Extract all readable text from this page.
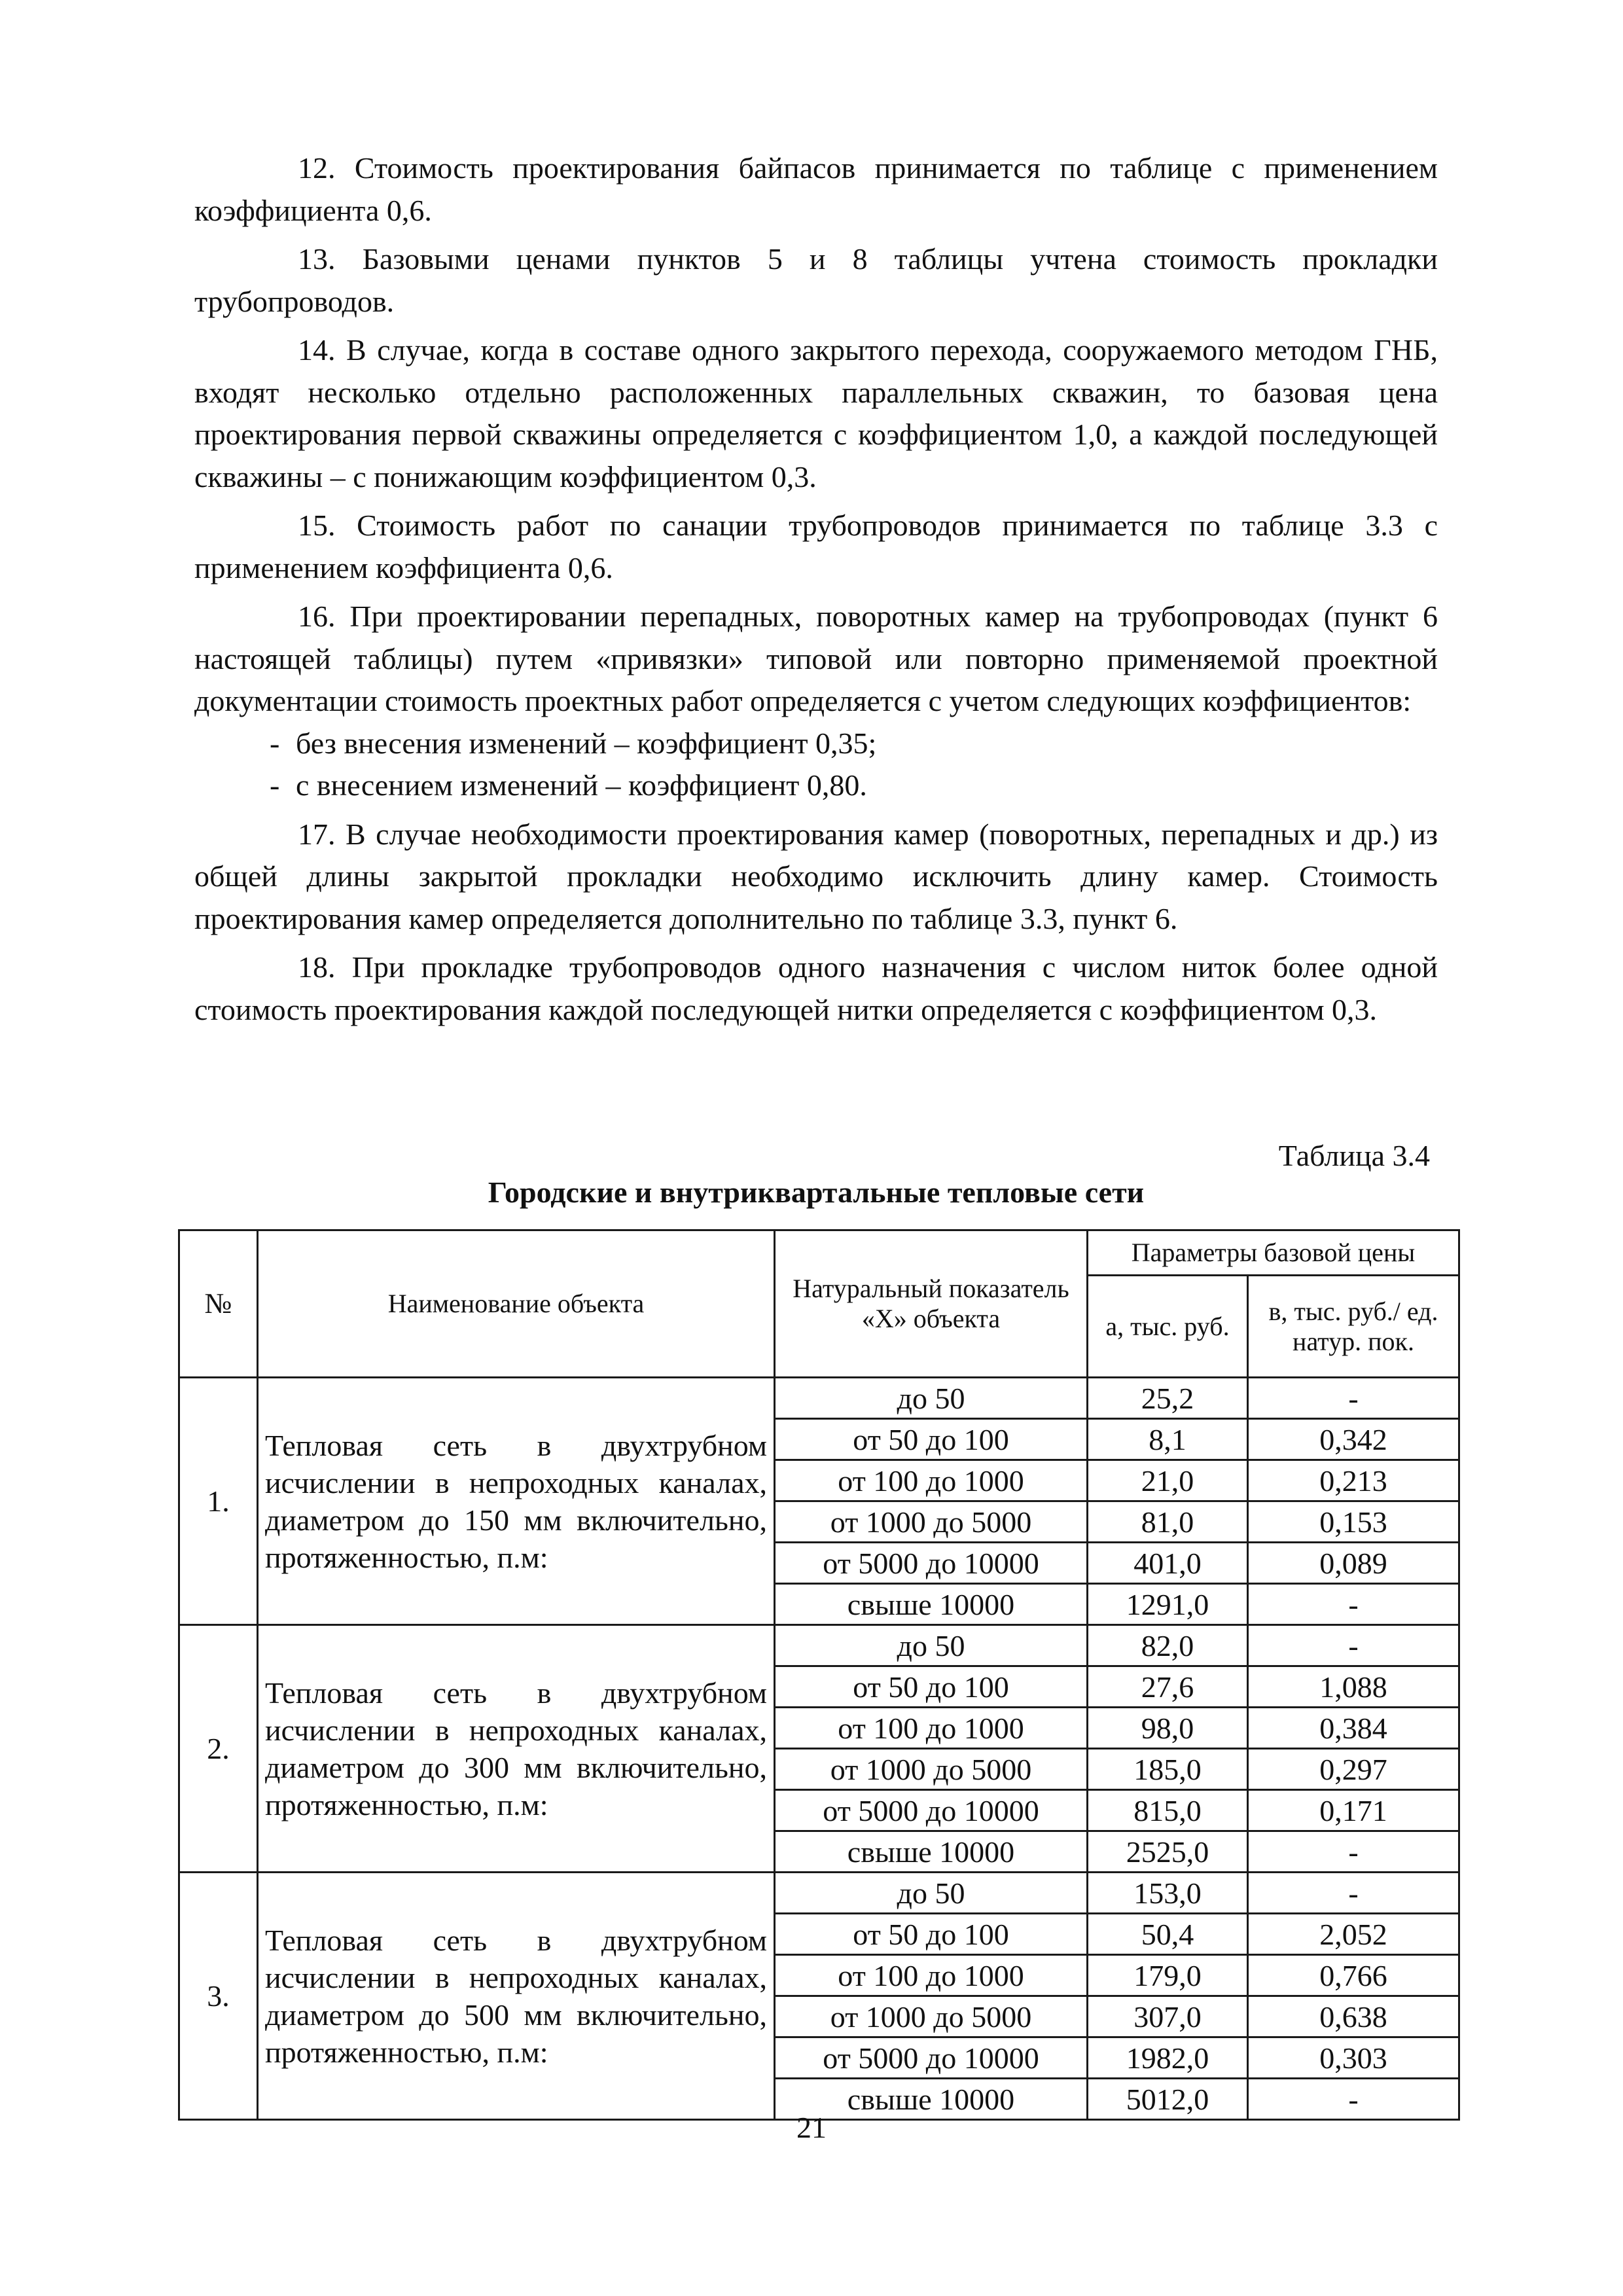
12. Стоимость проектирования байпасов принимается по таблице с применением коэффициента 0,6.

13. Базовыми ценами пунктов 5 и 8 таблицы учтена стоимость прокладки трубопроводов.

14. В случае, когда в составе одного закрытого перехода, сооружаемого методом ГНБ, входят несколько отдельно расположенных параллельных скважин, то базовая цена проектирования первой скважины определяется с коэффициентом 1,0, а каждой последующей скважины – с понижающим коэффициентом 0,3.

15. Стоимость работ по санации трубопроводов принимается по таблице 3.3 с применением коэффициента 0,6.

16. При проектировании перепадных, поворотных камер на трубопроводах (пункт 6 настоящей таблицы) путем «привязки» типовой или повторно применяемой проектной документации стоимость проектных работ определяется с учетом следующих коэффициентов:

- без внесения изменений – коэффициент 0,35;

- с внесением изменений – коэффициент 0,80.

17. В случае необходимости проектирования камер (поворотных, перепадных и др.) из общей длины закрытой прокладки необходимо исключить длину камер. Стоимость проектирования камер определяется дополнительно по таблице 3.3, пункт 6.

18. При прокладке трубопроводов одного назначения с числом ниток более одной стоимость проектирования каждой последующей нитки определяется с коэффициентом 0,3.

Таблица 3.4
Городские и внутриквартальные тепловые сети
№	Наименование объекта	Натуральный показатель «Х» объекта	Параметры базовой цены	
			а, тыс. руб.	в, тыс. руб./ ед. натур. пок.
1.	Тепловая сеть в двухтрубном исчислении в непроходных каналах, диаметром до 150 мм включительно, протяженностью, п.м:	до 50	25,2	-
		от 50 до 100	8,1	0,342
		от 100 до 1000	21,0	0,213
		от 1000 до 5000	81,0	0,153
		от 5000 до 10000	401,0	0,089
		свыше 10000	1291,0	-
2.	Тепловая сеть в двухтрубном исчислении в непроходных каналах, диаметром до 300 мм включительно, протяженностью, п.м:	до 50	82,0	-
		от 50 до 100	27,6	1,088
		от 100 до 1000	98,0	0,384
		от 1000 до 5000	185,0	0,297
		от 5000 до 10000	815,0	0,171
		свыше 10000	2525,0	-
3.	Тепловая сеть в двухтрубном исчислении в непроходных каналах, диаметром до 500 мм включительно, протяженностью, п.м:	до 50	153,0	-
		от 50 до 100	50,4	2,052
		от 100 до 1000	179,0	0,766
		от 1000 до 5000	307,0	0,638
		от 5000 до 10000	1982,0	0,303
		свыше 10000	5012,0	-
21
